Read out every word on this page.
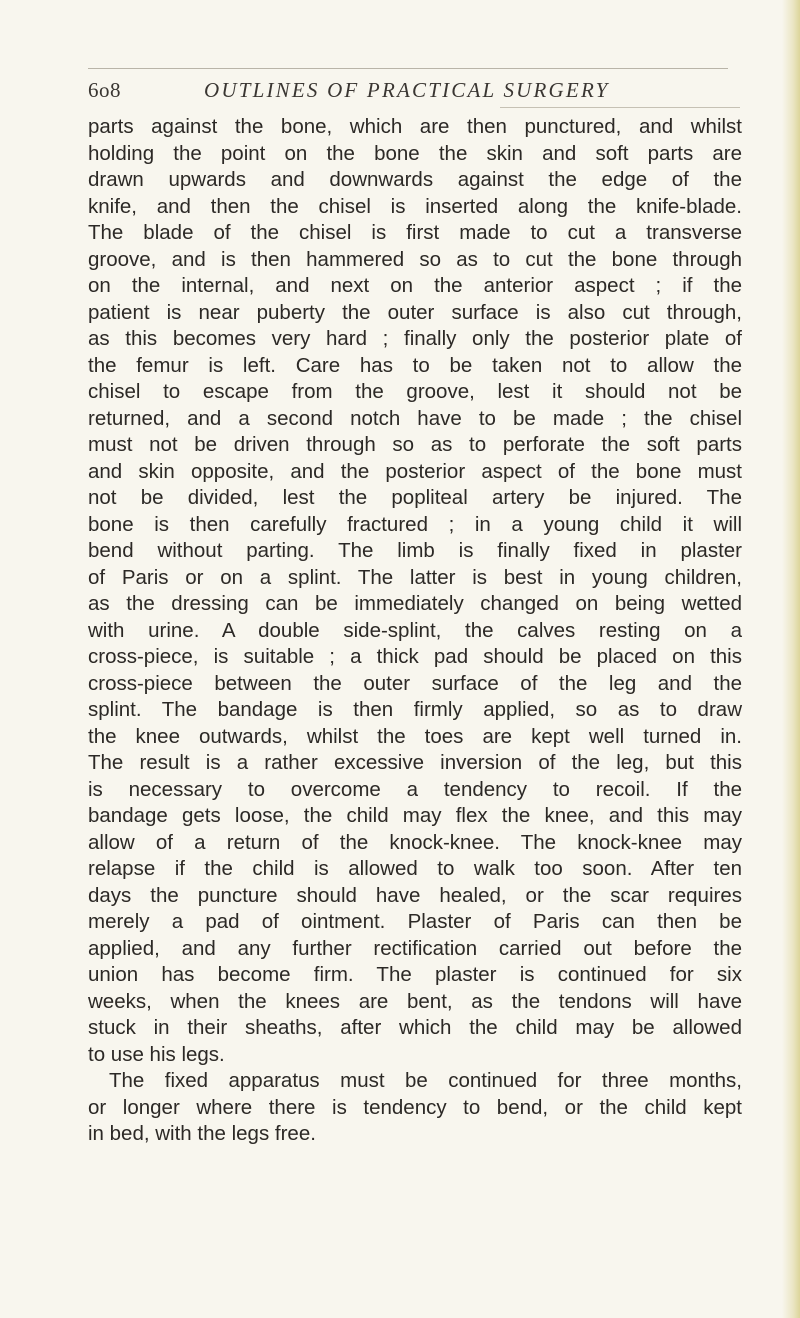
6o8	OUTLINES OF PRACTICAL SURGERY
parts against the bone, which are then punctured, and whilst
holding the point on the bone the skin and soft parts are
drawn upwards and downwards against the edge of the
knife, and then the chisel is inserted along the knife-blade.
The blade of the chisel is first made to cut a transverse
groove, and is then hammered so as to cut the bone through
on the internal, and next on the anterior aspect ; if the
patient is near puberty the outer surface is also cut through,
as this becomes very hard ; finally only the posterior plate of
the femur is left. Care has to be taken not to allow the
chisel to escape from the groove, lest it should not be
returned, and a second notch have to be made ; the chisel
must not be driven through so as to perforate the soft parts
and skin opposite, and the posterior aspect of the bone must
not be divided, lest the popliteal artery be injured. The
bone is then carefully fractured ; in a young child it will
bend without parting. The limb is finally fixed in plaster
of Paris or on a splint. The latter is best in young children,
as the dressing can be immediately changed on being wetted
with urine. A double side-splint, the calves resting on a
cross-piece, is suitable ; a thick pad should be placed on this
cross-piece between the outer surface of the leg and the
splint. The bandage is then firmly applied, so as to draw
the knee outwards, whilst the toes are kept well turned in.
The result is a rather excessive inversion of the leg, but this
is necessary to overcome a tendency to recoil. If the
bandage gets loose, the child may flex the knee, and this may
allow of a return of the knock-knee. The knock-knee may
relapse if the child is allowed to walk too soon. After ten
days the puncture should have healed, or the scar requires
merely a pad of ointment. Plaster of Paris can then be
applied, and any further rectification carried out before the
union has become firm. The plaster is continued for six
weeks, when the knees are bent, as the tendons will have
stuck in their sheaths, after which the child may be allowed
to use his legs.
The fixed apparatus must be continued for three months,
or longer where there is tendency to bend, or the child kept
in bed, with the legs free.
